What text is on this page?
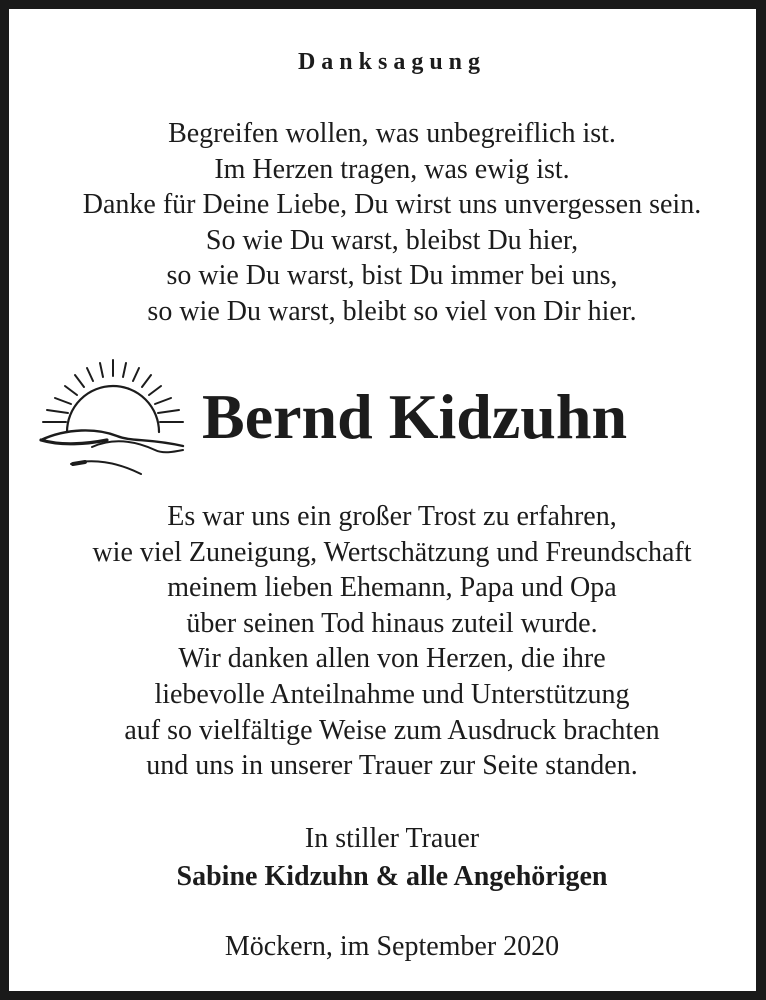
Danksagung
Begreifen wollen, was unbegreiflich ist.
Im Herzen tragen, was ewig ist.
Danke für Deine Liebe, Du wirst uns unvergessen sein.
So wie Du warst, bleibst Du hier,
so wie Du warst, bist Du immer bei uns,
so wie Du warst, bleibt so viel von Dir hier.
Bernd Kidzuhn
Es war uns ein großer Trost zu erfahren,
wie viel Zuneigung, Wertschätzung und Freundschaft
meinem lieben Ehemann, Papa und Opa
über seinen Tod hinaus zuteil wurde.
Wir danken allen von Herzen, die ihre
liebevolle Anteilnahme und Unterstützung
auf so vielfältige Weise zum Ausdruck brachten
und uns in unserer Trauer zur Seite standen.
In stiller Trauer
Sabine Kidzuhn & alle Angehörigen
Möckern, im September 2020
